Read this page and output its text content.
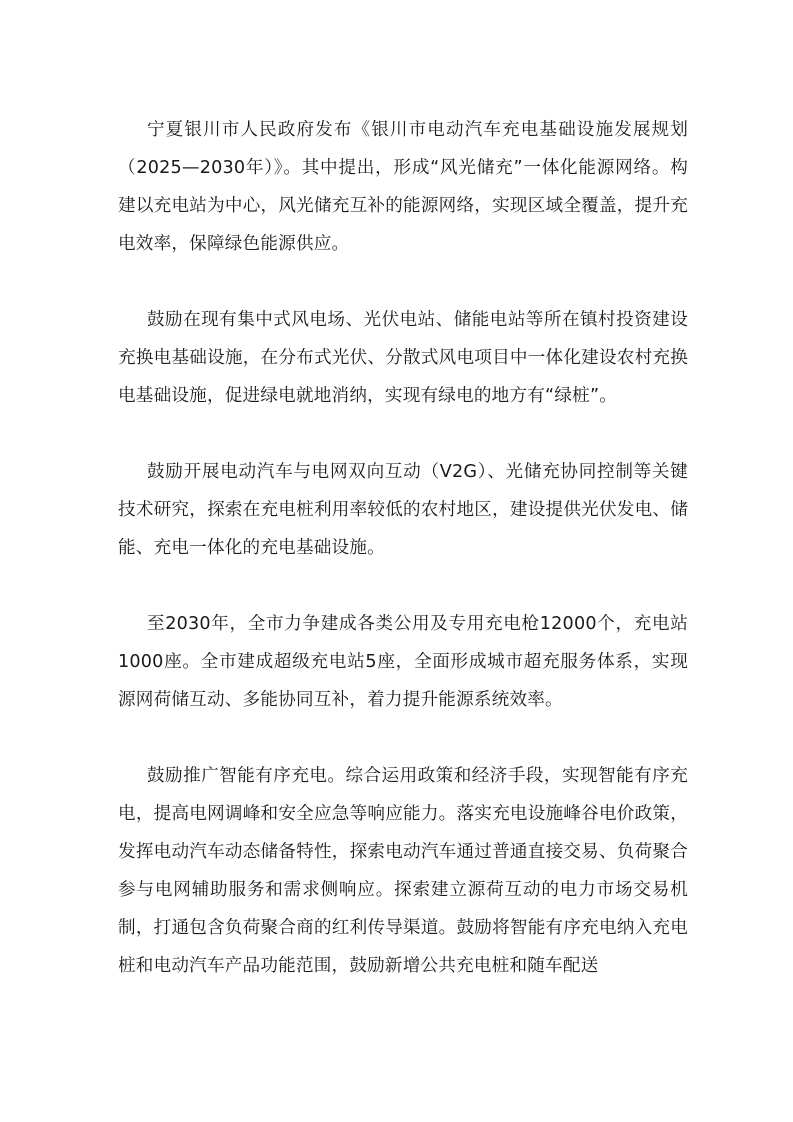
宁夏银川市人民政府发布《银川市电动汽车充电基础设施发展规划（2025—2030年）》。其中提出，形成“风光储充”一体化能源网络。构建以充电站为中心，风光储充互补的能源网络，实现区域全覆盖，提升充电效率，保障绿色能源供应。

鼓励在现有集中式风电场、光伏电站、储能电站等所在镇村投资建设充换电基础设施，在分布式光伏、分散式风电项目中一体化建设农村充换电基础设施，促进绿电就地消纳，实现有绿电的地方有“绿桩”。

鼓励开展电动汽车与电网双向互动（V2G）、光储充协同控制等关键技术研究，探索在充电桩利用率较低的农村地区，建设提供光伏发电、储能、充电一体化的充电基础设施。

至2030年，全市力争建成各类公用及专用充电枪12000个，充电站1000座。全市建成超级充电站5座，全面形成城市超充服务体系，实现源网荷储互动、多能协同互补，着力提升能源系统效率。

鼓励推广智能有序充电。综合运用政策和经济手段，实现智能有序充电，提高电网调峰和安全应急等响应能力。落实充电设施峰谷电价政策，发挥电动汽车动态储备特性，探索电动汽车通过普通直接交易、负荷聚合参与电网辅助服务和需求侧响应。探索建立源荷互动的电力市场交易机制，打通包含负荷聚合商的红利传导渠道。鼓励将智能有序充电纳入充电桩和电动汽车产品功能范围，鼓励新增公共充电桩和随车配送
